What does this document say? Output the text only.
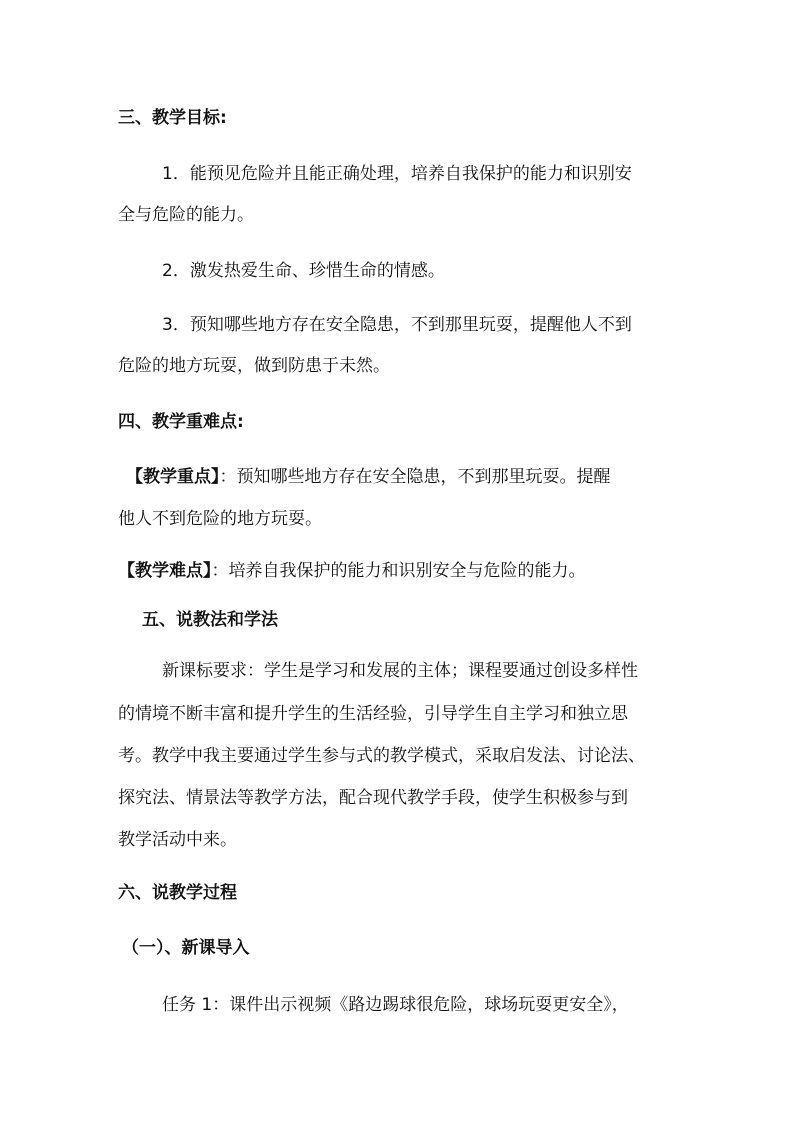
三、教学目标:
1．能预见危险并且能正确处理，培养自我保护的能力和识别安
全与危险的能力。
2．激发热爱生命、珍惜生命的情感。
3．预知哪些地方存在安全隐患，不到那里玩耍，提醒他人不到
危险的地方玩耍，做到防患于未然。
四、教学重难点:
【教学重点】：预知哪些地方存在安全隐患，不到那里玩耍。提醒
他人不到危险的地方玩耍。
【教学难点】：培养自我保护的能力和识别安全与危险的能力。
五、说教法和学法
新课标要求：学生是学习和发展的主体；课程要通过创设多样性
的情境不断丰富和提升学生的生活经验，引导学生自主学习和独立思
考。教学中我主要通过学生参与式的教学模式，采取启发法、讨论法、
探究法、情景法等教学方法，配合现代教学手段，使学生积极参与到
教学活动中来。
六、说教学过程
（一）、新课导入
任务 1：课件出示视频《路边踢球很危险，球场玩耍更安全》，
